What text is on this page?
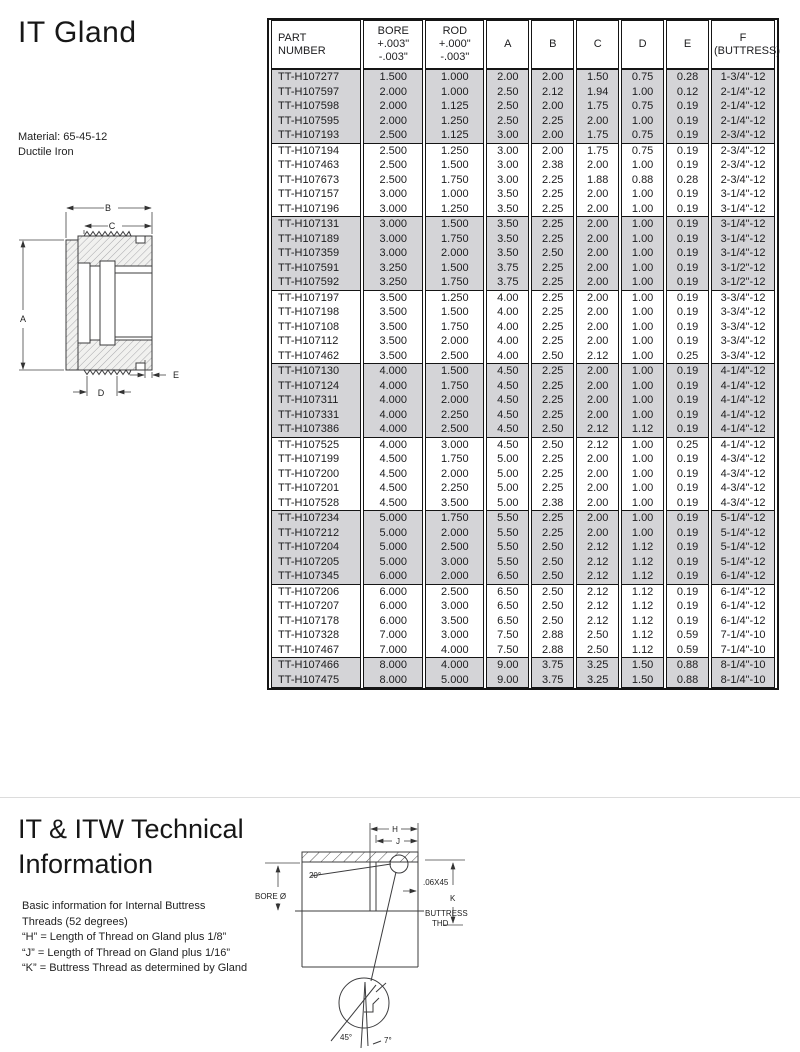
IT Gland
Material: 65-45-12
Ductile Iron
B
C
A
E
D
PART
NUMBER	BORE
+.003"
-.003"	ROD
+.000"
-.003"	A	B	C	D	E	F (BUTTRESS)
TT-H107277	1.500	1.000	2.00	2.00	1.50	0.75	0.28	1-3/4"-12
TT-H107597	2.000	1.000	2.50	2.12	1.94	1.00	0.12	2-1/4"-12
TT-H107598	2.000	1.125	2.50	2.00	1.75	0.75	0.19	2-1/4"-12
TT-H107595	2.000	1.250	2.50	2.25	2.00	1.00	0.19	2-1/4"-12
TT-H107193	2.500	1.125	3.00	2.00	1.75	0.75	0.19	2-3/4"-12
TT-H107194	2.500	1.250	3.00	2.00	1.75	0.75	0.19	2-3/4"-12
TT-H107463	2.500	1.500	3.00	2.38	2.00	1.00	0.19	2-3/4"-12
TT-H107673	2.500	1.750	3.00	2.25	1.88	0.88	0.28	2-3/4"-12
TT-H107157	3.000	1.000	3.50	2.25	2.00	1.00	0.19	3-1/4"-12
TT-H107196	3.000	1.250	3.50	2.25	2.00	1.00	0.19	3-1/4"-12
TT-H107131	3.000	1.500	3.50	2.25	2.00	1.00	0.19	3-1/4"-12
TT-H107189	3.000	1.750	3.50	2.25	2.00	1.00	0.19	3-1/4"-12
TT-H107359	3.000	2.000	3.50	2.50	2.00	1.00	0.19	3-1/4"-12
TT-H107591	3.250	1.500	3.75	2.25	2.00	1.00	0.19	3-1/2"-12
TT-H107592	3.250	1.750	3.75	2.25	2.00	1.00	0.19	3-1/2"-12
TT-H107197	3.500	1.250	4.00	2.25	2.00	1.00	0.19	3-3/4"-12
TT-H107198	3.500	1.500	4.00	2.25	2.00	1.00	0.19	3-3/4"-12
TT-H107108	3.500	1.750	4.00	2.25	2.00	1.00	0.19	3-3/4"-12
TT-H107112	3.500	2.000	4.00	2.25	2.00	1.00	0.19	3-3/4"-12
TT-H107462	3.500	2.500	4.00	2.50	2.12	1.00	0.25	3-3/4"-12
TT-H107130	4.000	1.500	4.50	2.25	2.00	1.00	0.19	4-1/4"-12
TT-H107124	4.000	1.750	4.50	2.25	2.00	1.00	0.19	4-1/4"-12
TT-H107311	4.000	2.000	4.50	2.25	2.00	1.00	0.19	4-1/4"-12
TT-H107331	4.000	2.250	4.50	2.25	2.00	1.00	0.19	4-1/4"-12
TT-H107386	4.000	2.500	4.50	2.50	2.12	1.12	0.19	4-1/4"-12
TT-H107525	4.000	3.000	4.50	2.50	2.12	1.00	0.25	4-1/4"-12
TT-H107199	4.500	1.750	5.00	2.25	2.00	1.00	0.19	4-3/4"-12
TT-H107200	4.500	2.000	5.00	2.25	2.00	1.00	0.19	4-3/4"-12
TT-H107201	4.500	2.250	5.00	2.25	2.00	1.00	0.19	4-3/4"-12
TT-H107528	4.500	3.500	5.00	2.38	2.00	1.00	0.19	4-3/4"-12
TT-H107234	5.000	1.750	5.50	2.25	2.00	1.00	0.19	5-1/4"-12
TT-H107212	5.000	2.000	5.50	2.25	2.00	1.00	0.19	5-1/4"-12
TT-H107204	5.000	2.500	5.50	2.50	2.12	1.12	0.19	5-1/4"-12
TT-H107205	5.000	3.000	5.50	2.50	2.12	1.12	0.19	5-1/4"-12
TT-H107345	6.000	2.000	6.50	2.50	2.12	1.12	0.19	6-1/4"-12
TT-H107206	6.000	2.500	6.50	2.50	2.12	1.12	0.19	6-1/4"-12
TT-H107207	6.000	3.000	6.50	2.50	2.12	1.12	0.19	6-1/4"-12
TT-H107178	6.000	3.500	6.50	2.50	2.12	1.12	0.19	6-1/4"-12
TT-H107328	7.000	3.000	7.50	2.88	2.50	1.12	0.59	7-1/4"-10
TT-H107467	7.000	4.000	7.50	2.88	2.50	1.12	0.59	7-1/4"-10
TT-H107466	8.000	4.000	9.00	3.75	3.25	1.50	0.88	8-1/4"-10
TT-H107475	8.000	5.000	9.00	3.75	3.25	1.50	0.88	8-1/4"-10
IT & ITW Technical
Information
Basic information for Internal Buttress
Threads (52 degrees)
“H” = Length of Thread on Gland plus 1/8”
“J” = Length of Thread on Gland plus 1/16”
“K” = Buttress Thread as determined by Gland
H
J
20°
BORE Ø
.06X45
K
BUTTRESS
THD
45°	7°
